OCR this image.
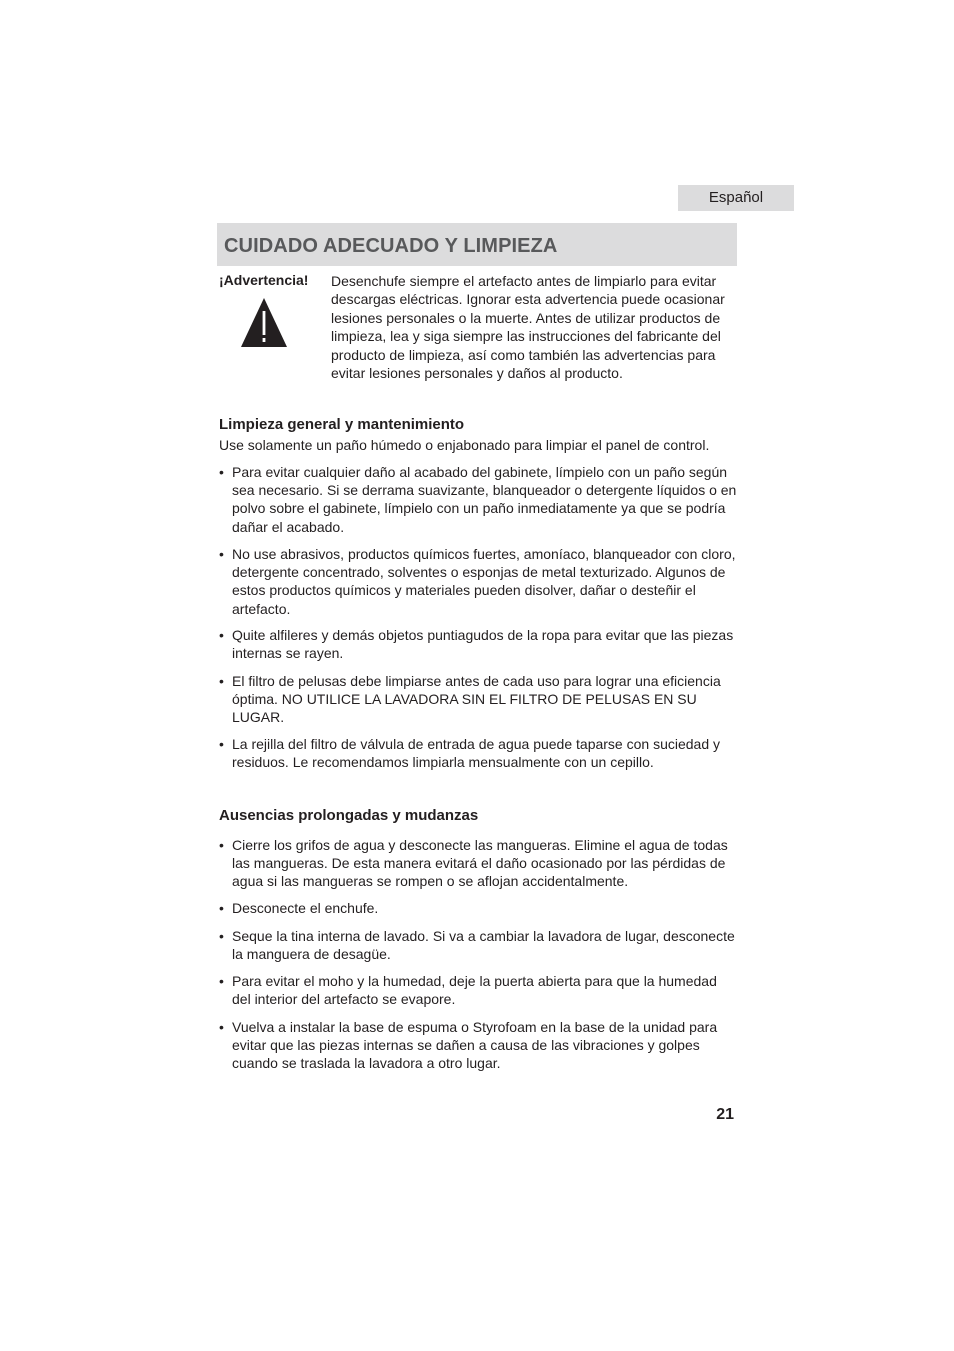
Español
CUIDADO ADECUADO Y LIMPIEZA
¡Advertencia! Desenchufe siempre el artefacto antes de limpiarlo para evitar descargas eléctricas. Ignorar esta advertencia puede ocasionar lesiones personales o la muerte. Antes de utilizar productos de limpieza, lea y siga siempre las instrucciones del fabricante del producto de limpieza, así como también las advertencias para evitar lesiones personales y daños al producto.
Limpieza general y mantenimiento
Use solamente un paño húmedo o enjabonado para limpiar el panel de control.
• Para evitar cualquier daño al acabado del gabinete, límpielo con un paño según sea necesario. Si se derrama suavizante, blanqueador o detergente líquidos o en polvo sobre el gabinete, límpielo con un paño inmediatamente ya que se podría dañar el acabado.
• No use abrasivos, productos químicos fuertes, amoníaco, blanqueador con cloro, detergente concentrado, solventes o esponjas de metal texturizado. Algunos de estos productos químicos y materiales pueden disolver, dañar o desteñir el artefacto.
• Quite alfileres y demás objetos puntiagudos de la ropa para evitar que las piezas internas se rayen.
• El filtro de pelusas debe limpiarse antes de cada uso para lograr una eficiencia óptima. NO UTILICE LA LAVADORA SIN EL FILTRO DE PELUSAS EN SU LUGAR.
• La rejilla del filtro de válvula de entrada de agua puede taparse con suciedad y residuos. Le recomendamos limpiarla mensualmente con un cepillo.
Ausencias prolongadas y mudanzas
• Cierre los grifos de agua y desconecte las mangueras. Elimine el agua de todas las mangueras. De esta manera evitará el daño ocasionado por las pérdidas de agua si las mangueras se rompen o se aflojan accidentalmente.
• Desconecte el enchufe.
• Seque la tina interna de lavado. Si va a cambiar la lavadora de lugar, desconecte la manguera de desagüe.
• Para evitar el moho y la humedad, deje la puerta abierta para que la humedad del interior del artefacto se evapore.
• Vuelva a instalar la base de espuma o Styrofoam en la base de la unidad para evitar que las piezas internas se dañen a causa de las vibraciones y golpes cuando se traslada la lavadora a otro lugar.
21
